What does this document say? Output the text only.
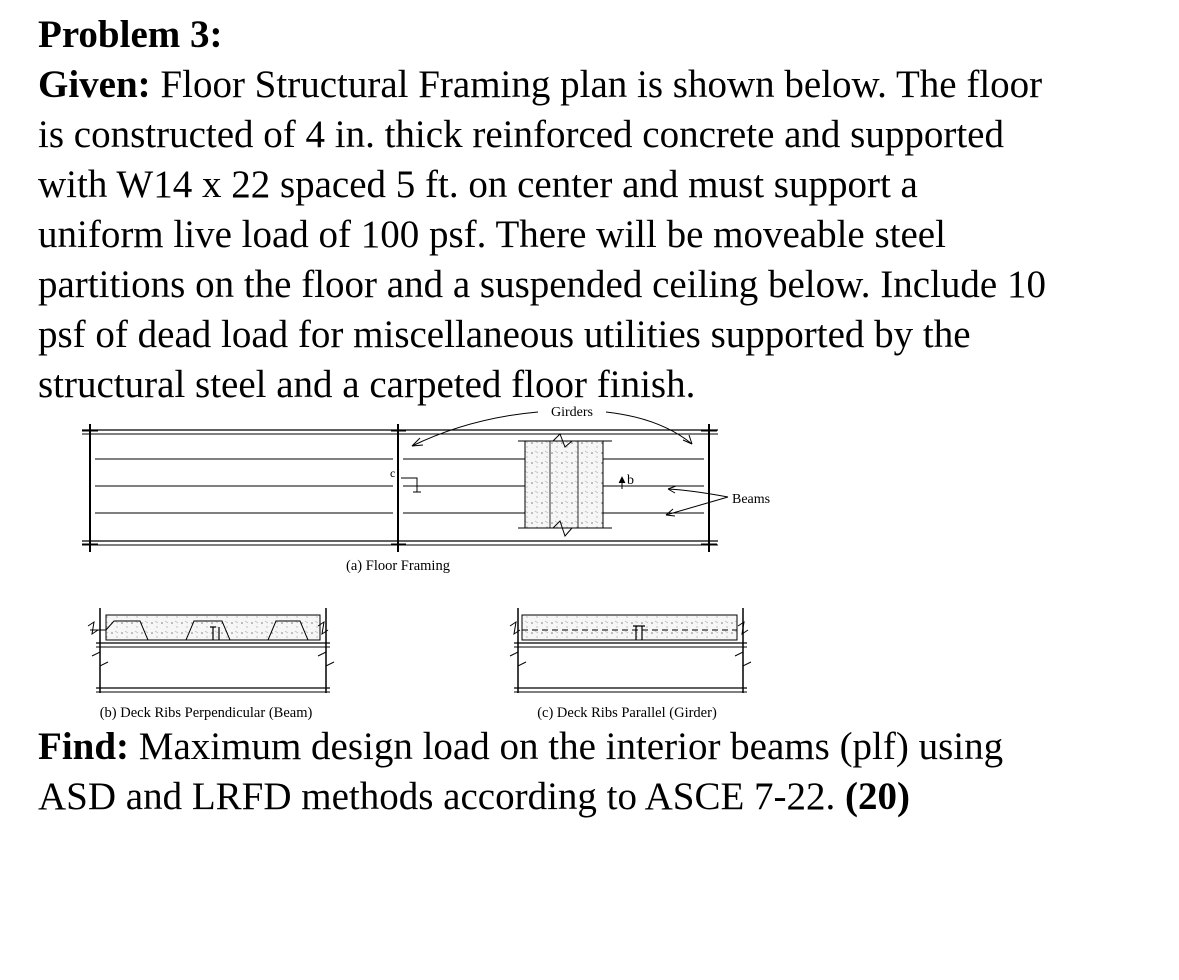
Problem 3:
Given: Floor Structural Framing plan is shown below. The floor
is constructed of 4 in. thick reinforced concrete and supported
with W14 x 22 spaced 5 ft. on center and must support a
uniform live load of 100 psf. There will be moveable steel
partitions on the floor and a suspended ceiling below. Include 10
psf of dead load for miscellaneous utilities supported by the
structural steel and a carpeted floor finish.
Girders
Beams
c	b
(a) Floor Framing
(b) Deck Ribs Perpendicular (Beam)	(c) Deck Ribs Parallel (Girder)
Find: Maximum design load on the interior beams (plf) using
ASD and LRFD methods according to ASCE 7-22. (20)
